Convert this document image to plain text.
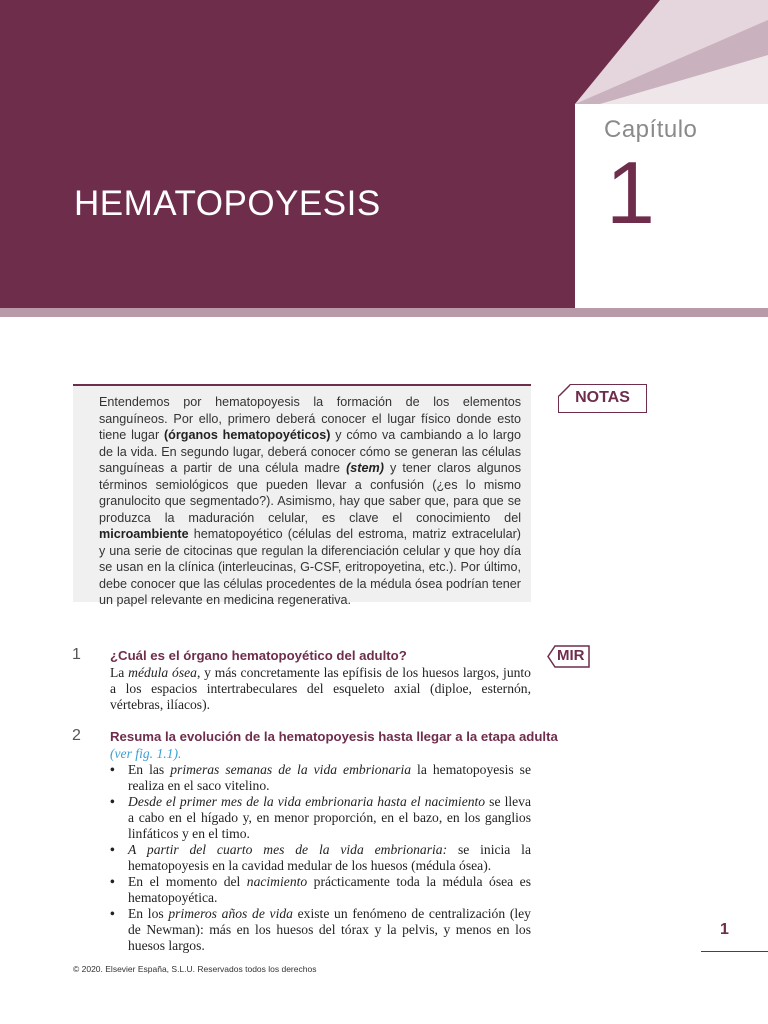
Capítulo
1
HEMATOPOYESIS

Entendemos por hematopoyesis la formación de los elementos sanguíneos. Por ello, primero deberá conocer el lugar físico donde esto tiene lugar (órganos hematopoyéticos) y cómo va cambiando a lo largo de la vida. En segundo lugar, deberá conocer cómo se generan las células sanguíneas a partir de una célula madre (stem) y tener claros algunos términos semiológicos que pueden llevar a confusión (¿es lo mismo granulocito que segmentado?). Asimismo, hay que saber que, para que se produzca la maduración celular, es clave el conocimiento del microambiente hematopoyético (células del estroma, matriz extracelular) y una serie de citocinas que regulan la diferenciación celular y que hoy día se usan en la clínica (interleucinas, G-CSF, eritropoyetina, etc.). Por último, debe conocer que las células procedentes de la médula ósea podrían tener un papel relevante en medicina regenerativa.

NOTAS
MIR
1 ¿Cuál es el órgano hematopoyético del adulto?

La médula ósea, y más concretamente las epífisis de los huesos largos, junto a los espacios intertrabeculares del esqueleto axial (diploe, esternón, vértebras, ilíacos).

2 Resuma la evolución de la hematopoyesis hasta llegar a la etapa adulta

(ver fig. 1.1).

• En las primeras semanas de la vida embrionaria la hematopoyesis se realiza en el saco vitelino.
• Desde el primer mes de la vida embrionaria hasta el nacimiento se lleva a cabo en el hígado y, en menor proporción, en el bazo, en los ganglios linfáticos y en el timo.
• A partir del cuarto mes de la vida embrionaria: se inicia la hematopoyesis en la cavidad medular de los huesos (médula ósea).
• En el momento del nacimiento prácticamente toda la médula ósea es hematopoyética.
• En los primeros años de vida existe un fenómeno de centralización (ley de Newman): más en los huesos del tórax y la pelvis, y menos en los huesos largos.
1
© 2020. Elsevier España, S.L.U. Reservados todos los derechos
